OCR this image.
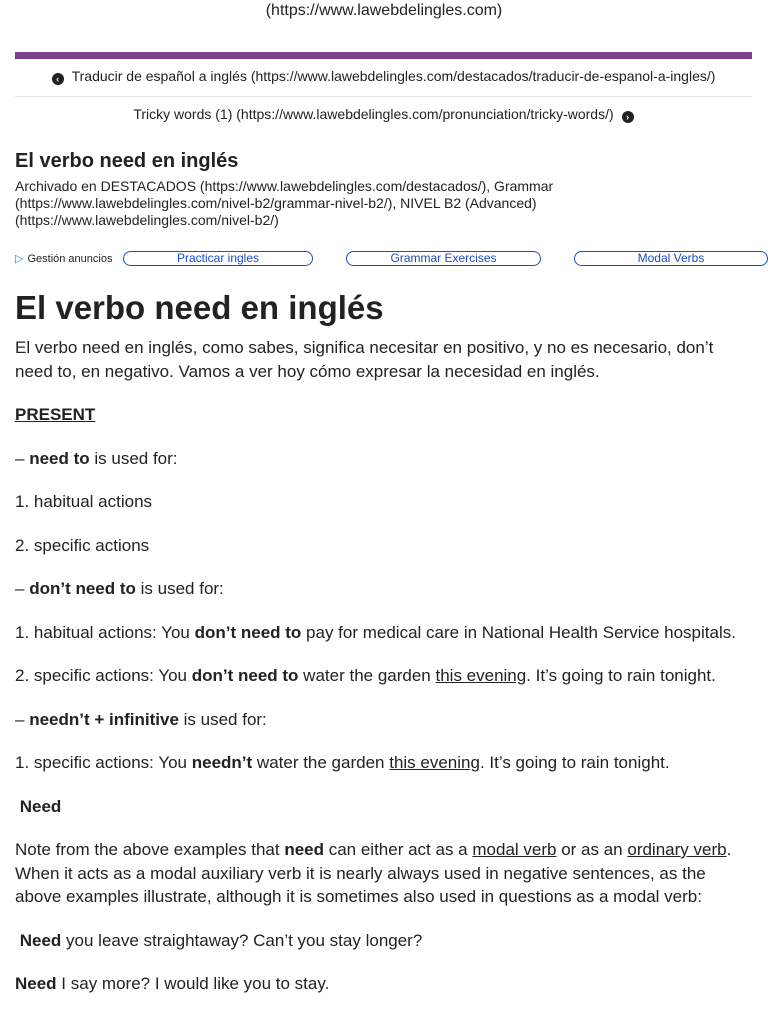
(https://www.lawebdelingles.com)
‹ Traducir de español a inglés (https://www.lawebdelingles.com/destacados/traducir-de-espanol-a-ingles/)
Tricky words (1) (https://www.lawebdelingles.com/pronunciation/tricky-words/) ›
El verbo need en inglés
Archivado en DESTACADOS (https://www.lawebdelingles.com/destacados/), Grammar (https://www.lawebdelingles.com/nivel-b2/grammar-nivel-b2/), NIVEL B2 (Advanced) (https://www.lawebdelingles.com/nivel-b2/)
▷ Gestión anuncios	Practicar ingles	Grammar Exercises	Modal Verbs
El verbo need en inglés

El verbo need en inglés, como sabes, significa necesitar en positivo, y no es necesario, don’t need to, en negativo. Vamos a ver hoy cómo expresar la necesidad en inglés.

PRESENT

– need to is used for:

1. habitual actions

2. specific actions

– don’t need to is used for:

1. habitual actions: You don’t need to pay for medical care in National Health Service hospitals.

2. specific actions: You don’t need to water the garden this evening. It’s going to rain tonight.

– needn’t + infinitive is used for:

1. specific actions: You needn’t water the garden this evening. It’s going to rain tonight.

Need

Note from the above examples that need can either act as a modal verb or as an ordinary verb. When it acts as a modal auxiliary verb it is nearly always used in negative sentences, as the above examples illustrate, although it is sometimes also used in questions as a modal verb:

Need you leave straightaway? Can’t you stay longer?

Need I say more? I would like you to stay.
